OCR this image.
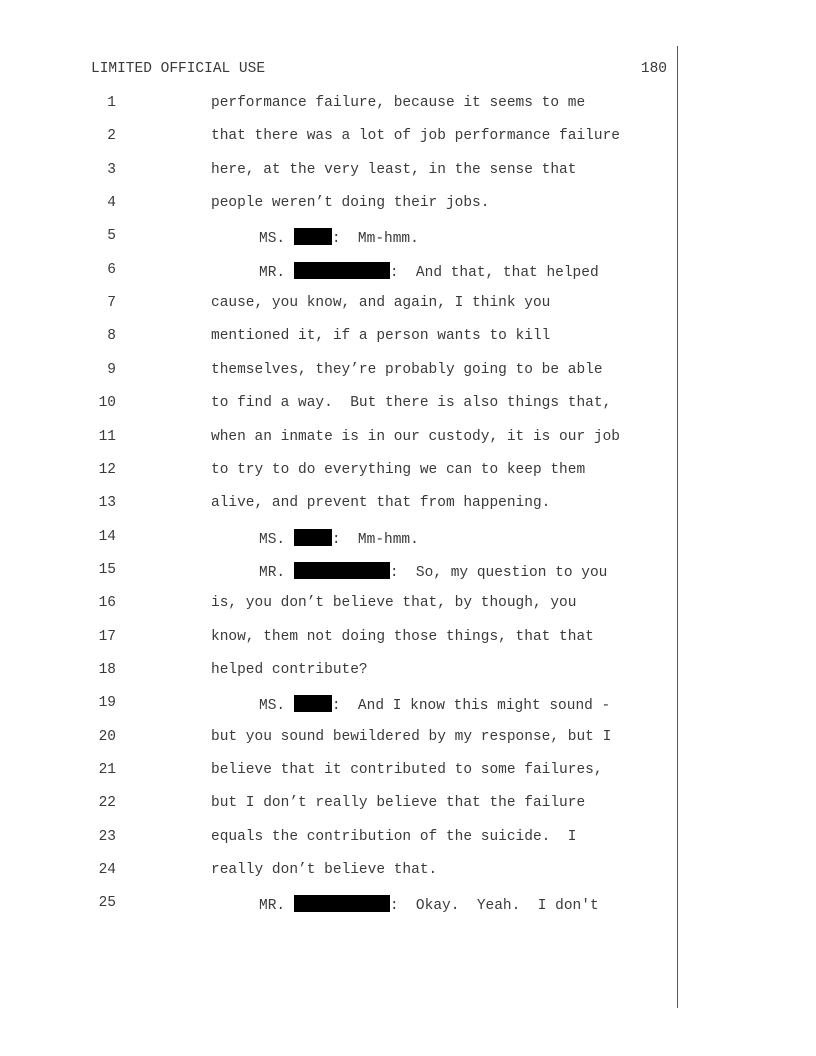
LIMITED OFFICIAL USE	180
1	performance failure, because it seems to me
2	that there was a lot of job performance failure
3	here, at the very least, in the sense that
4	people weren’t doing their jobs.
5	MS.	:  Mm-hmm.
6	MR.	:  And that, that helped
7	cause, you know, and again, I think you
8	mentioned it, if a person wants to kill
9	themselves, they’re probably going to be able
10	to find a way.  But there is also things that,
11	when an inmate is in our custody, it is our job
12	to try to do everything we can to keep them
13	alive, and prevent that from happening.
14	MS.	:  Mm-hmm.
15	MR.	:  So, my question to you
16	is, you don’t believe that, by though, you
17	know, them not doing those things, that that
18	helped contribute?
19	MS.	:  And I know this might sound -
20	but you sound bewildered by my response, but I
21	believe that it contributed to some failures,
22	but I don’t really believe that the failure
23	equals the contribution of the suicide.  I
24	really don’t believe that.
25	MR.	:  Okay.  Yeah.  I don't
